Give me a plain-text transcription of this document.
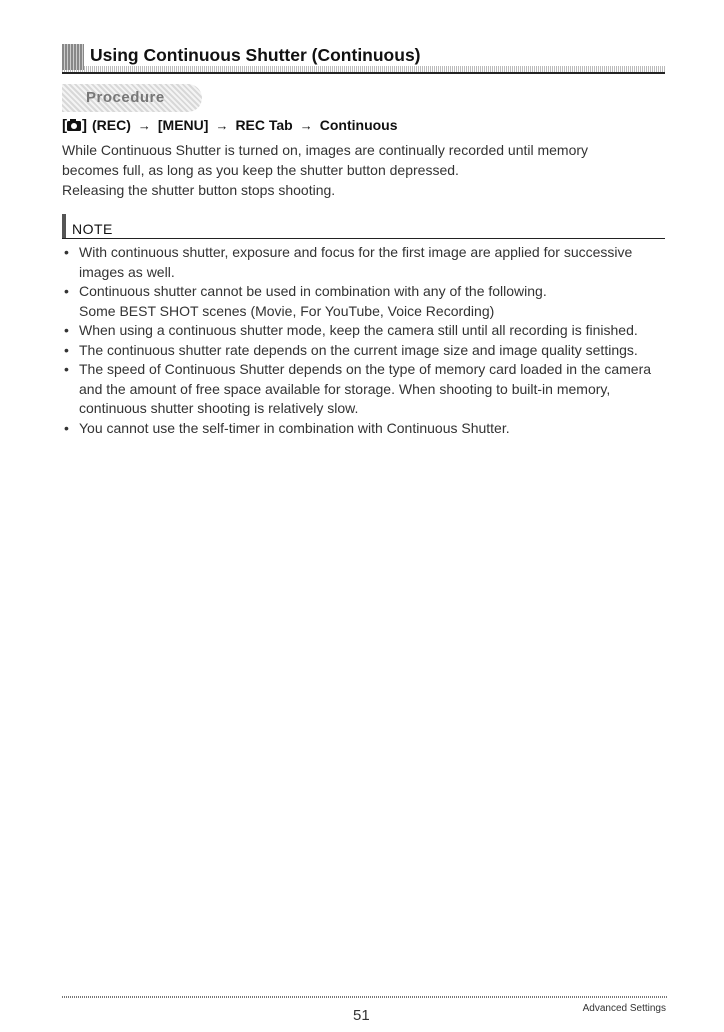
Using Continuous Shutter (Continuous)
Procedure
[ ] (REC) → [MENU] → REC Tab → Continuous

While Continuous Shutter is turned on, images are continually recorded until memory

becomes full, as long as you keep the shutter button depressed.

Releasing the shutter button stops shooting.

NOTE
• With continuous shutter, exposure and focus for the first image are applied for successive images as well.
• Continuous shutter cannot be used in combination with any of the following.
Some BEST SHOT scenes (Movie, For YouTube, Voice Recording)
• When using a continuous shutter mode, keep the camera still until all recording is finished.
• The continuous shutter rate depends on the current image size and image quality settings.
• The speed of Continuous Shutter depends on the type of memory card loaded in the camera and the amount of free space available for storage. When shooting to built-in memory, continuous shutter shooting is relatively slow.
• You cannot use the self-timer in combination with Continuous Shutter.
51	Advanced Settings
